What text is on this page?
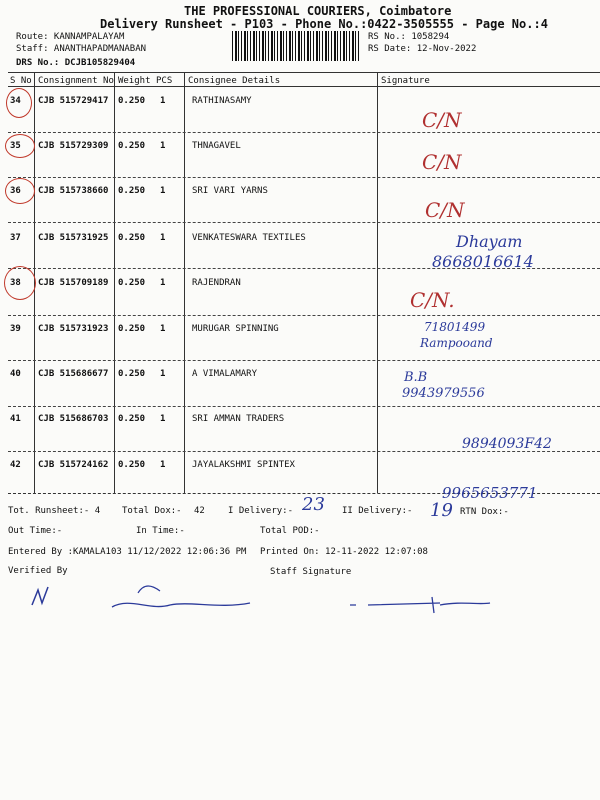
THE PROFESSIONAL COURIERS, Coimbatore
Delivery Runsheet - P103 - Phone No.:0422-3505555 - Page No.:4
Route: KANNAMPALAYAM
Staff: ANANTHAPADMANABAN
DRS No.: DCJB105829404
RS No.: 1058294
RS Date: 12-Nov-2022
S No Consignment No Weight PCS Consignee Details	Signature
34 CJB 515729417 0.250 1	RATHINASAMY
C/N
35 CJB 515729309 0.250 1	THNAGAVEL
C/N
36 CJB 515738660 0.250 1	SRI VARI YARNS
C/N
37 CJB 515731925 0.250 1	VENKATESWARA TEXTILES	Dhayam
8668016614
38 CJB 515709189 0.250 1	RAJENDRAN
C/N.
39 CJB 515731923 0.250 1	MURUGAR SPINNING	71801499
Rampooand
40 CJB 515686677 0.250 1	A VIMALAMARY	B.B
9943979556
41 CJB 515686703 0.250 1	SRI AMMAN TRADERS
9894093F42
42 CJB 515724162 0.250 1	JAYALAKSHMI SPINTEX
9965653771
Tot. Runsheet:- 4 Total Dox:- 42	I Delivery:- 23 II Delivery:- 19 RTN Dox:-
Out Time:-	In Time:-	Total POD:-
Entered By :KAMALA103 11/12/2022 12:06:36 PM Printed On: 12-11-2022 12:07:08
Verified By	Staff Signature
